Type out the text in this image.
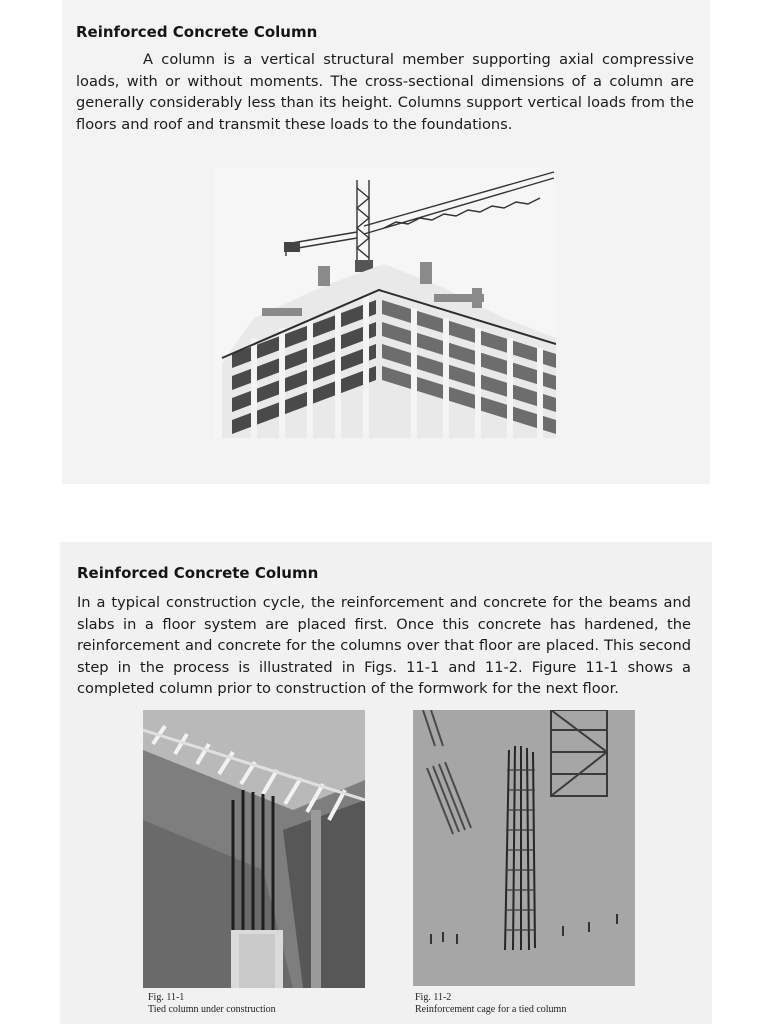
Reinforced Concrete Column

A column is a vertical structural member supporting axial compressive loads, with or without moments. The cross-sectional dimensions of a column are generally considerably less than its height. Columns support vertical loads from the floors and roof and transmit these loads to the foundations.

Reinforced Concrete Column

In a typical construction cycle, the reinforcement and concrete for the beams and slabs in a floor system are placed first. Once this concrete has hardened, the reinforcement and concrete for the columns over that floor are placed. This second step in the process is illustrated in Figs. 11-1 and 11-2. Figure 11-1 shows a completed column prior to construction of the formwork for the next floor.

Fig. 11-1
Tied column under construction
Fig. 11-2
Reinforcement cage for a tied column
